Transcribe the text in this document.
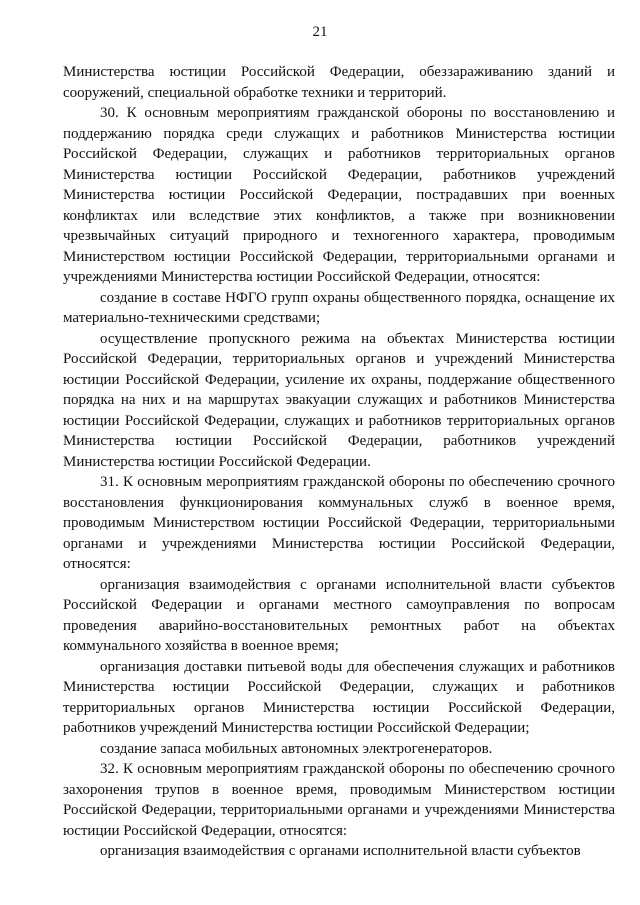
21

Министерства юстиции Российской Федерации, обеззараживанию зданий и сооружений, специальной обработке техники и территорий.

30. К основным мероприятиям гражданской обороны по восстановлению и поддержанию порядка среди служащих и работников Министерства юстиции Российской Федерации, служащих и работников территориальных органов Министерства юстиции Российской Федерации, работников учреждений Министерства юстиции Российской Федерации, пострадавших при военных конфликтах или вследствие этих конфликтов, а также при возникновении чрезвычайных ситуаций природного и техногенного характера, проводимым Министерством юстиции Российской Федерации, территориальными органами и учреждениями Министерства юстиции Российской Федерации, относятся:

создание в составе НФГО групп охраны общественного порядка, оснащение их материально-техническими средствами;

осуществление пропускного режима на объектах Министерства юстиции Российской Федерации, территориальных органов и учреждений Министерства юстиции Российской Федерации, усиление их охраны, поддержание общественного порядка на них и на маршрутах эвакуации служащих и работников Министерства юстиции Российской Федерации, служащих и работников территориальных органов Министерства юстиции Российской Федерации, работников учреждений Министерства юстиции Российской Федерации.

31. К основным мероприятиям гражданской обороны по обеспечению срочного восстановления функционирования коммунальных служб в военное время, проводимым Министерством юстиции Российской Федерации, территориальными органами и учреждениями Министерства юстиции Российской Федерации, относятся:

организация взаимодействия с органами исполнительной власти субъектов Российской Федерации и органами местного самоуправления по вопросам проведения аварийно-восстановительных ремонтных работ на объектах коммунального хозяйства в военное время;

организация доставки питьевой воды для обеспечения служащих и работников Министерства юстиции Российской Федерации, служащих и работников территориальных органов Министерства юстиции Российской Федерации, работников учреждений Министерства юстиции Российской Федерации;

создание запаса мобильных автономных электрогенераторов.

32. К основным мероприятиям гражданской обороны по обеспечению срочного захоронения трупов в военное время, проводимым Министерством юстиции Российской Федерации, территориальными органами и учреждениями Министерства юстиции Российской Федерации, относятся:

организация взаимодействия с органами исполнительной власти субъектов
